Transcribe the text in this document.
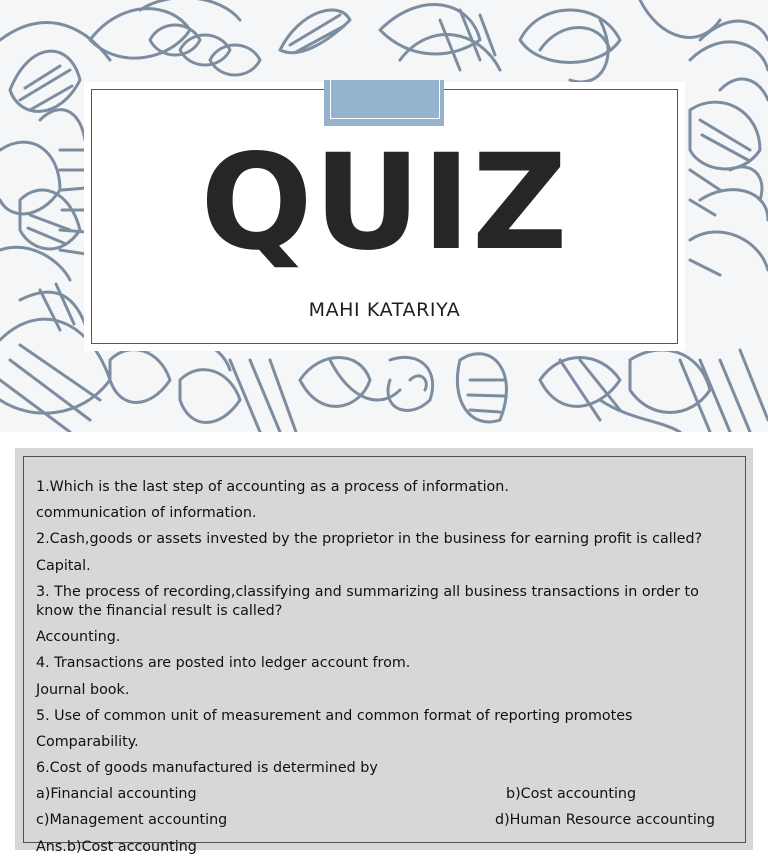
QUIZ
MAHI KATARIYA
1.Which is the last step of accounting as a process of information.
communication of information.
2.Cash,goods or assets invested by the proprietor in the business for earning profit is called?
Capital.
3. The process of recording,classifying and summarizing all business transactions in order to know the financial result is called?
Accounting.
4. Transactions are posted into ledger account from.
Journal book.
5. Use of common unit of measurement and common format of reporting promotes
Comparability.
6.Cost of goods manufactured is determined by
a)Financial accounting	b)Cost accounting
c)Management accounting	d)Human Resource accounting
Ans.b)Cost accounting
